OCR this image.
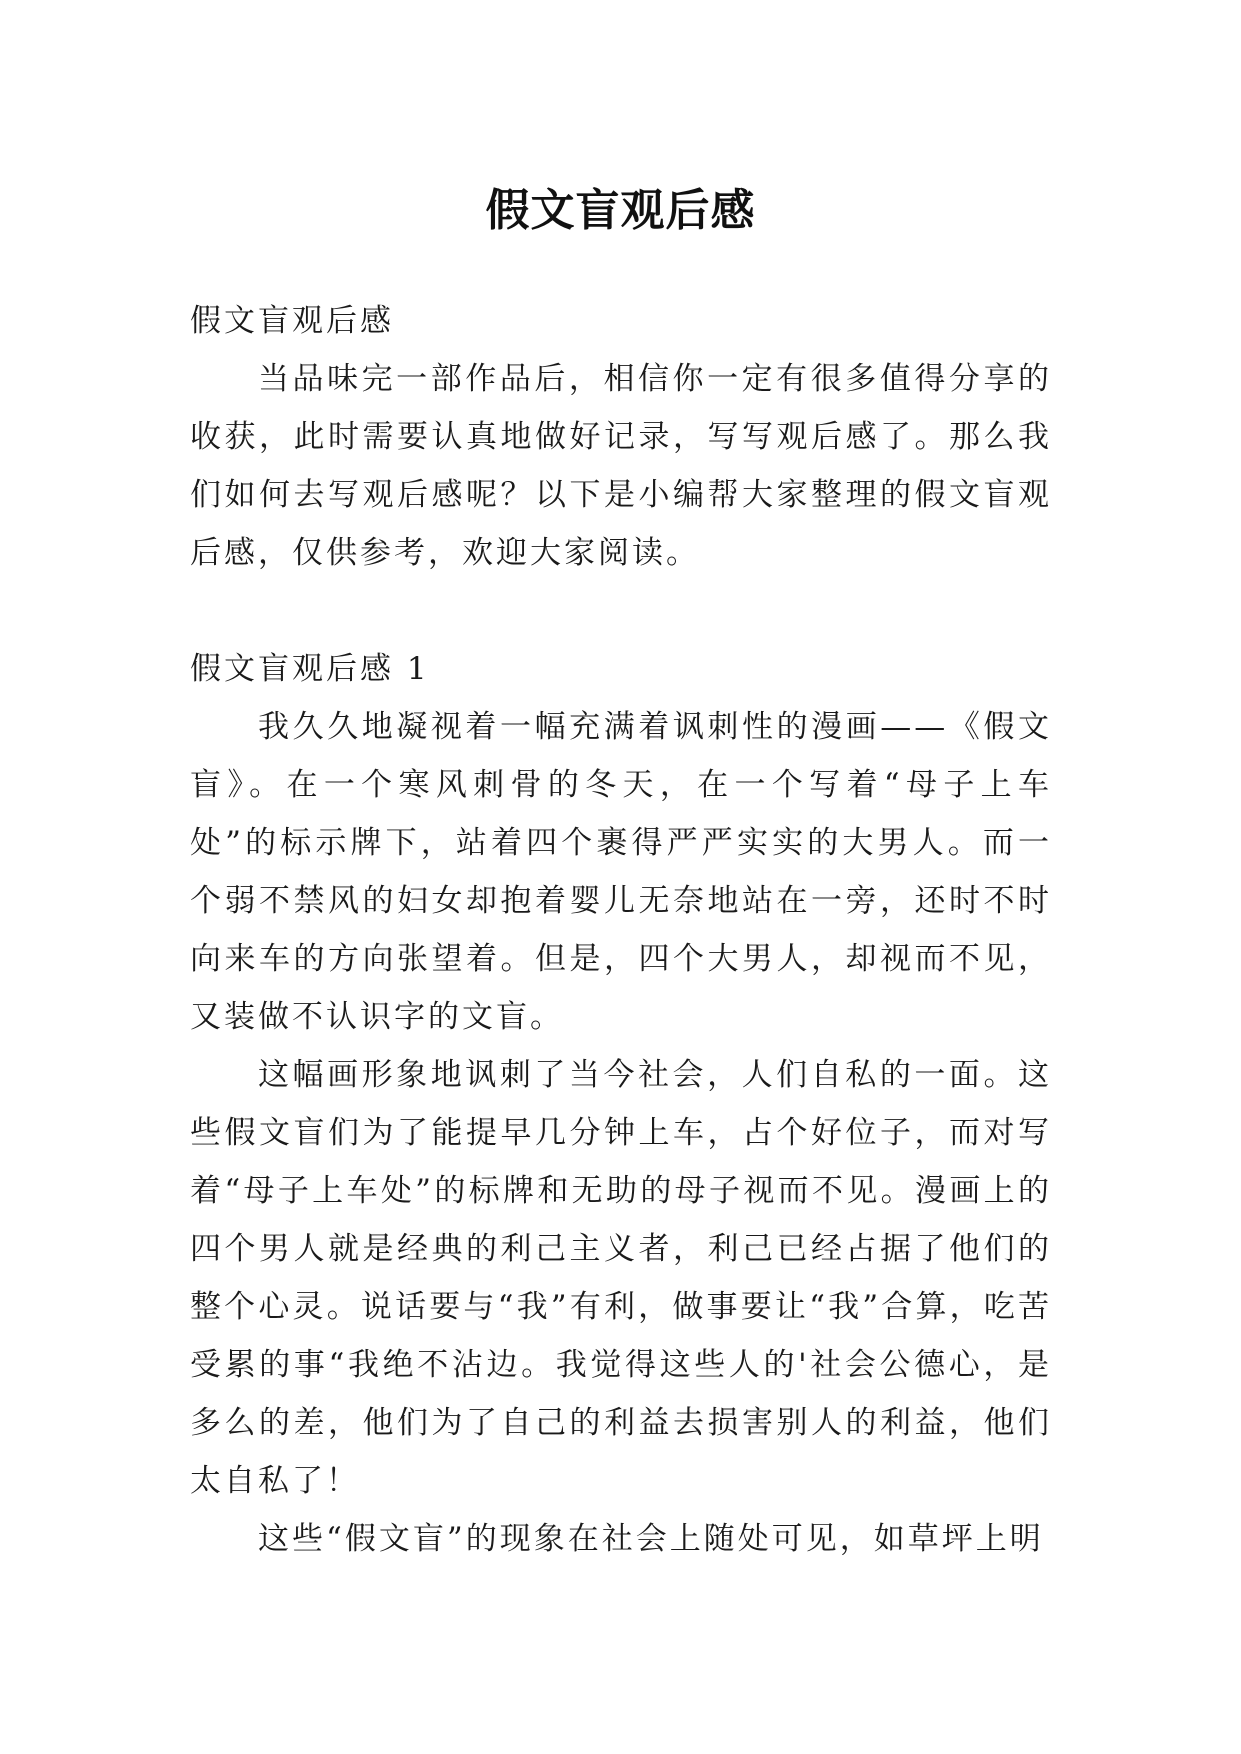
假文盲观后感

假文盲观后感

当品味完一部作品后，相信你一定有很多值得分享的收获，此时需要认真地做好记录，写写观后感了。那么我们如何去写观后感呢？以下是小编帮大家整理的假文盲观后感，仅供参考，欢迎大家阅读。

假文盲观后感 1

我久久地凝视着一幅充满着讽刺性的漫画——《假文盲》。在一个寒风刺骨的冬天，在一个写着“母子上车处”的标示牌下，站着四个裹得严严实实的大男人。而一个弱不禁风的妇女却抱着婴儿无奈地站在一旁，还时不时向来车的方向张望着。但是，四个大男人，却视而不见，又装做不认识字的文盲。

这幅画形象地讽刺了当今社会，人们自私的一面。这些假文盲们为了能提早几分钟上车，占个好位子，而对写着“母子上车处”的标牌和无助的母子视而不见。漫画上的四个男人就是经典的利己主义者，利己已经占据了他们的整个心灵。说话要与“我”有利，做事要让“我”合算，吃苦受累的事“我绝不沾边。我觉得这些人的'社会公德心，是多么的差，他们为了自己的利益去损害别人的利益，他们太自私了！

这些“假文盲”的现象在社会上随处可见，如草坪上明
